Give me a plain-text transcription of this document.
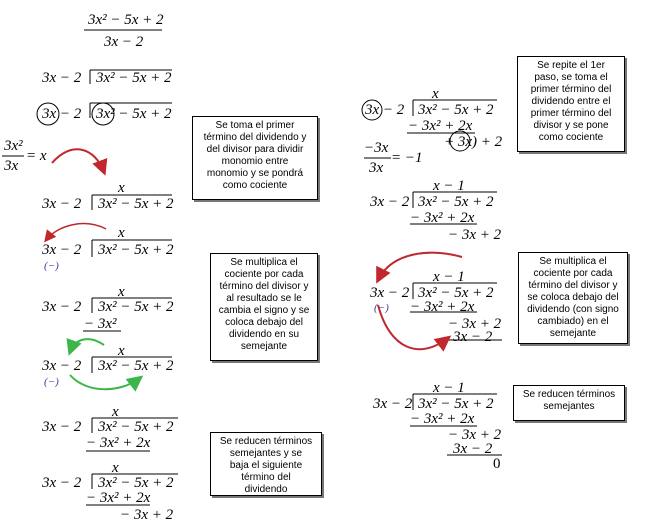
3x² − 5x + 2
3x − 2
3x − 2 3x² − 5x + 2
3x − 2 3x² − 5x + 2
3x²
3x
= x
x
3x − 2 3x² − 5x + 2
x
3x − 2 3x² − 5x + 2
(−)
x
3x − 2 3x² − 5x + 2
− 3x²
x
3x − 2 3x² − 5x + 2
(−)
x
3x − 2 3x² − 5x + 2
− 3x² + 2x
x
3x − 2 3x² − 5x + 2
− 3x² + 2x
− 3x + 2
Se toma el primer
término del dividendo y
del divisor para dividir
monomio entre
monomio y se pondrá
como cociente
Se multiplica el
cociente por cada
término del divisor y
al resultado se le
cambia el signo y se
coloca debajo del
dividendo en su
semejante
Se reducen términos
semejantes y se
baja el siguiente
término del
dividendo
x
3x − 2 3x² − 5x + 2
− 3x² + 2x
+ 3x) + 2
−3x
3x
= −1
x − 1
3x − 2 3x² − 5x + 2
− 3x² + 2x
− 3x + 2
x − 1
3x − 2 3x² − 5x + 2
− 3x² + 2x
(−)
− 3x + 2
3x − 2
x − 1
3x − 2 3x² − 5x + 2
− 3x² + 2x
− 3x + 2
3x − 2
0
Se repite el 1er
paso, se toma el
primer término del
dividendo entre el
primer término del
divisor y se pone
como cociente
Se multiplica el
cociente por cada
término del divisor y
se coloca debajo del
dividendo (con signo
cambiado) en el
semejante
Se reducen términos
semejantes
